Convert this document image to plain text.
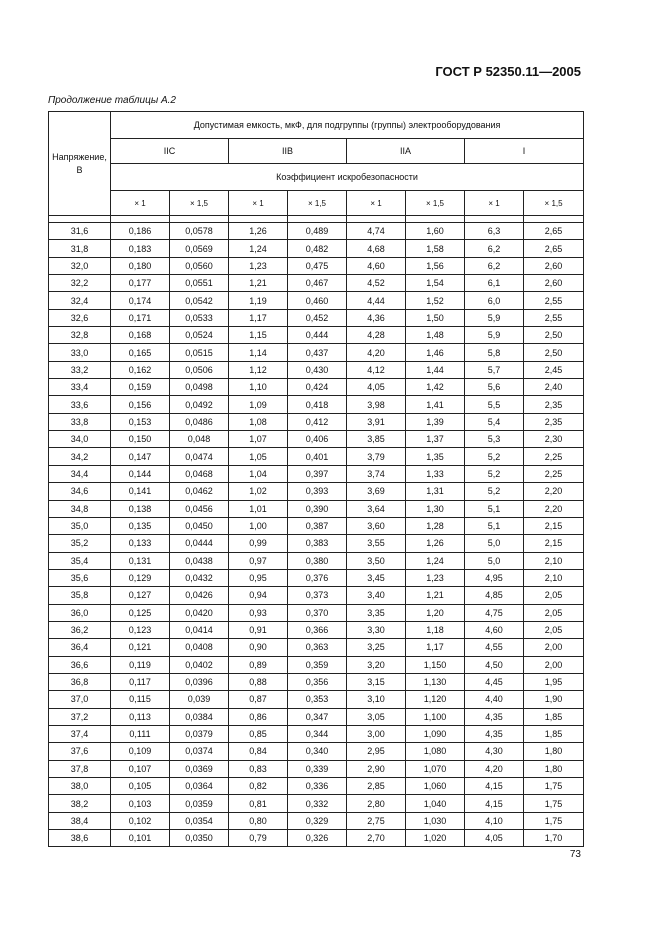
ГОСТ Р 52350.11—2005
Продолжение таблицы А.2
Напряжение,
В	Допустимая емкость, мкФ, для подгруппы (группы) электрооборудования							
	IIC		IIB		IIA		I	
	Коэффициент искробезопасности							
	× 1	× 1,5	× 1	× 1,5	× 1	× 1,5	× 1	× 1,5

31,6	0,186	0,0578	1,26	0,489	4,74	1,60	6,3	2,65
31,8	0,183	0,0569	1,24	0,482	4,68	1,58	6,2	2,65
32,0	0,180	0,0560	1,23	0,475	4,60	1,56	6,2	2,60
32,2	0,177	0,0551	1,21	0,467	4,52	1,54	6,1	2,60
32,4	0,174	0,0542	1,19	0,460	4,44	1,52	6,0	2,55
32,6	0,171	0,0533	1,17	0,452	4,36	1,50	5,9	2,55
32,8	0,168	0,0524	1,15	0,444	4,28	1,48	5,9	2,50
33,0	0,165	0,0515	1,14	0,437	4,20	1,46	5,8	2,50
33,2	0,162	0,0506	1,12	0,430	4,12	1,44	5,7	2,45
33,4	0,159	0,0498	1,10	0,424	4,05	1,42	5,6	2,40
33,6	0,156	0,0492	1,09	0,418	3,98	1,41	5,5	2,35
33,8	0,153	0,0486	1,08	0,412	3,91	1,39	5,4	2,35
34,0	0,150	0,048	1,07	0,406	3,85	1,37	5,3	2,30
34,2	0,147	0,0474	1,05	0,401	3,79	1,35	5,2	2,25
34,4	0,144	0,0468	1,04	0,397	3,74	1,33	5,2	2,25
34,6	0,141	0,0462	1,02	0,393	3,69	1,31	5,2	2,20
34,8	0,138	0,0456	1,01	0,390	3,64	1,30	5,1	2,20
35,0	0,135	0,0450	1,00	0,387	3,60	1,28	5,1	2,15
35,2	0,133	0,0444	0,99	0,383	3,55	1,26	5,0	2,15
35,4	0,131	0,0438	0,97	0,380	3,50	1,24	5,0	2,10
35,6	0,129	0,0432	0,95	0,376	3,45	1,23	4,95	2,10
35,8	0,127	0,0426	0,94	0,373	3,40	1,21	4,85	2,05
36,0	0,125	0,0420	0,93	0,370	3,35	1,20	4,75	2,05
36,2	0,123	0,0414	0,91	0,366	3,30	1,18	4,60	2,05
36,4	0,121	0,0408	0,90	0,363	3,25	1,17	4,55	2,00
36,6	0,119	0,0402	0,89	0,359	3,20	1,150	4,50	2,00
36,8	0,117	0,0396	0,88	0,356	3,15	1,130	4,45	1,95
37,0	0,115	0,039	0,87	0,353	3,10	1,120	4,40	1,90
37,2	0,113	0,0384	0,86	0,347	3,05	1,100	4,35	1,85
37,4	0,111	0,0379	0,85	0,344	3,00	1,090	4,35	1,85
37,6	0,109	0,0374	0,84	0,340	2,95	1,080	4,30	1,80
37,8	0,107	0,0369	0,83	0,339	2,90	1,070	4,20	1,80
38,0	0,105	0,0364	0,82	0,336	2,85	1,060	4,15	1,75
38,2	0,103	0,0359	0,81	0,332	2,80	1,040	4,15	1,75
38,4	0,102	0,0354	0,80	0,329	2,75	1,030	4,10	1,75
38,6	0,101	0,0350	0,79	0,326	2,70	1,020	4,05	1,70
73
